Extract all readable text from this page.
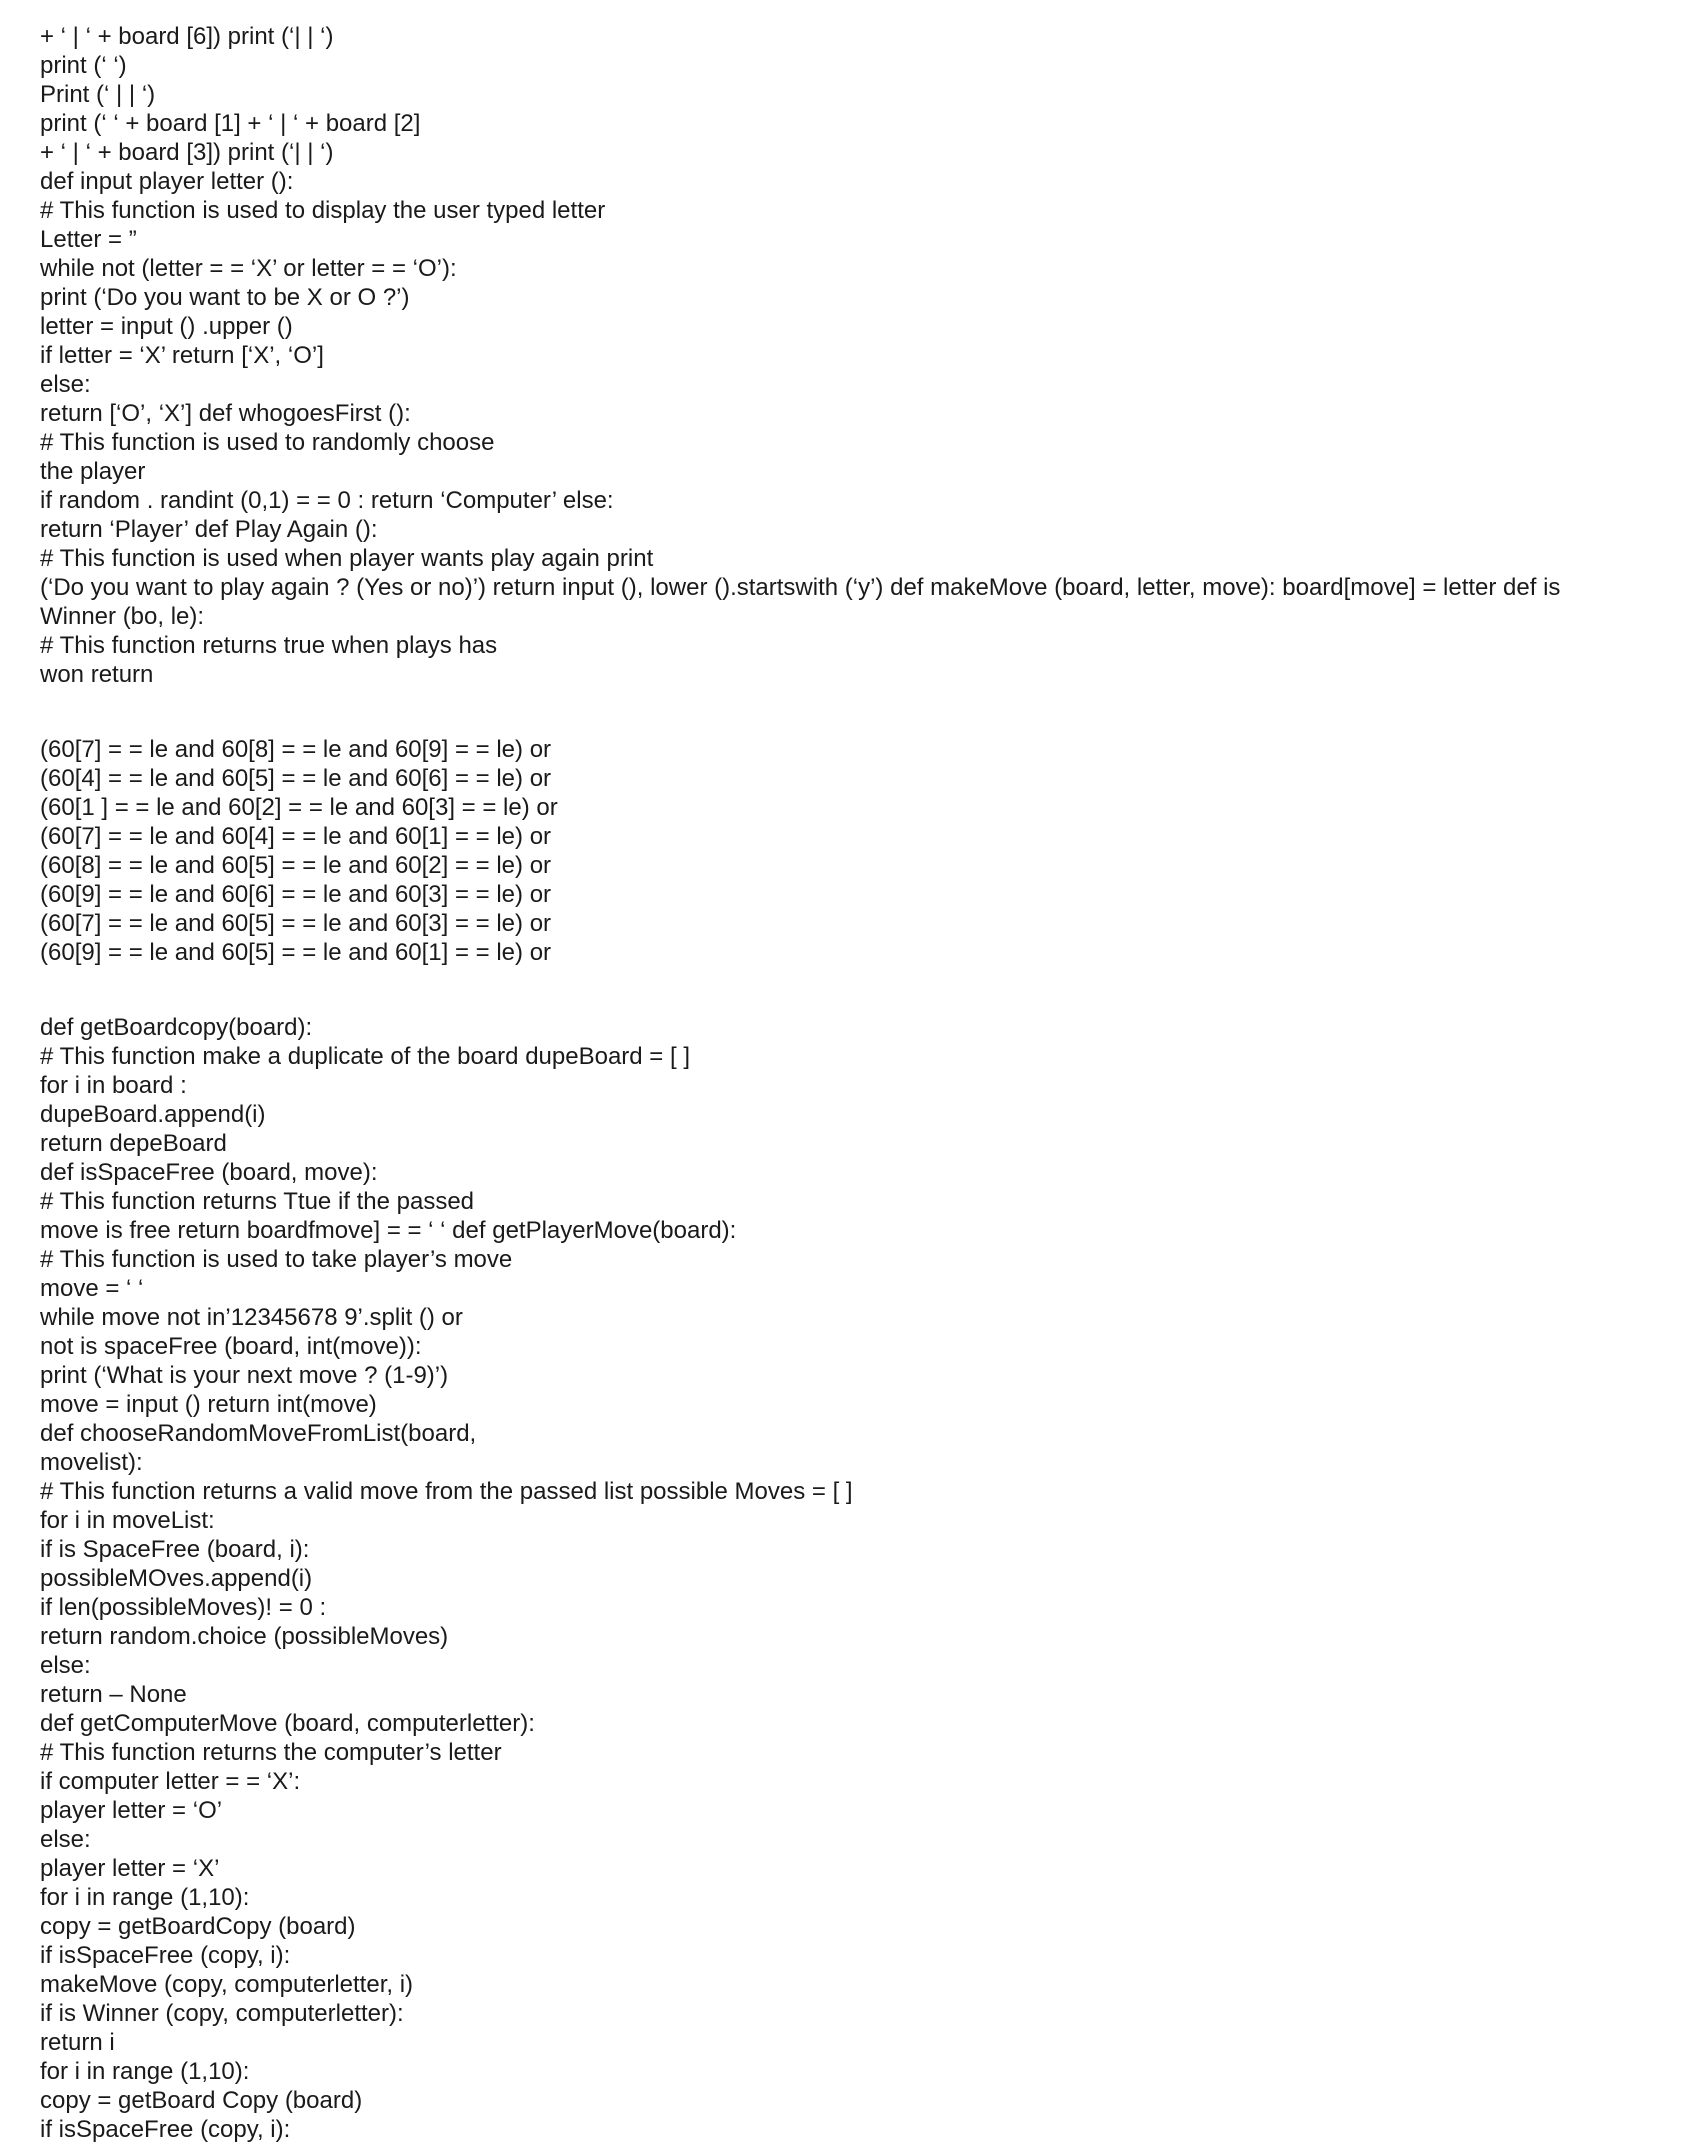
+ ‘ | ‘ + board [6]) print (‘| | ‘)
print (‘ ‘)
Print (‘ | | ‘)
print (‘ ‘ + board [1] + ‘ | ‘ + board [2]
+ ‘ | ‘ + board [3]) print (‘| | ‘)
def input player letter ():
# This function is used to display the user typed letter
Letter = ”
while not (letter = = ‘X’ or letter = = ‘O’):
print (‘Do you want to be X or O ?’)
letter = input () .upper ()
if letter = ‘X’ return [‘X’, ‘O’]
else:
return [‘O’, ‘X’] def whogoesFirst ():
# This function is used to randomly choose
the player
if random . randint (0,1) = = 0 : return ‘Computer’ else:
return ‘Player’ def Play Again ():
# This function is used when player wants play again print
(‘Do you want to play again ? (Yes or no)’) return input (), lower ().startswith (‘y’) def makeMove (board, letter, move): board[move] = letter def is
Winner (bo, le):
# This function returns true when plays has
won return
(60[7] = = le and 60[8] = = le and 60[9] = = le) or
(60[4] = = le and 60[5] = = le and 60[6] = = le) or
(60[1 ] = = le and 60[2] = = le and 60[3] = = le) or
(60[7] = = le and 60[4] = = le and 60[1] = = le) or
(60[8] = = le and 60[5] = = le and 60[2] = = le) or
(60[9] = = le and 60[6] = = le and 60[3] = = le) or
(60[7] = = le and 60[5] = = le and 60[3] = = le) or
(60[9] = = le and 60[5] = = le and 60[1] = = le) or
def getBoardcopy(board):
# This function make a duplicate of the board dupeBoard = [ ]
for i in board :
dupeBoard.append(i)
return depeBoard
def isSpaceFree (board, move):
# This function returns Ttue if the passed
move is free return boardfmove] = = ‘ ‘ def getPlayerMove(board):
# This function is used to take player’s move
move = ‘ ‘
while move not in’12345678 9’.split () or
not is spaceFree (board, int(move)):
print (‘What is your next move ? (1-9)’)
move = input () return int(move)
def chooseRandomMoveFromList(board,
movelist):
# This function returns a valid move from the passed list possible Moves = [ ]
for i in moveList:
if is SpaceFree (board, i):
possibleMOves.append(i)
if len(possibleMoves)! = 0 :
return random.choice (possibleMoves)
else:
return – None
def getComputerMove (board, computerletter):
# This function returns the computer’s letter
if computer letter = = ‘X’:
player letter = ‘O’
else:
player letter = ‘X’
for i in range (1,10):
copy = getBoardCopy (board)
if isSpaceFree (copy, i):
makeMove (copy, computerletter, i)
if is Winner (copy, computerletter):
return i
for i in range (1,10):
copy = getBoard Copy (board)
if isSpaceFree (copy, i):
